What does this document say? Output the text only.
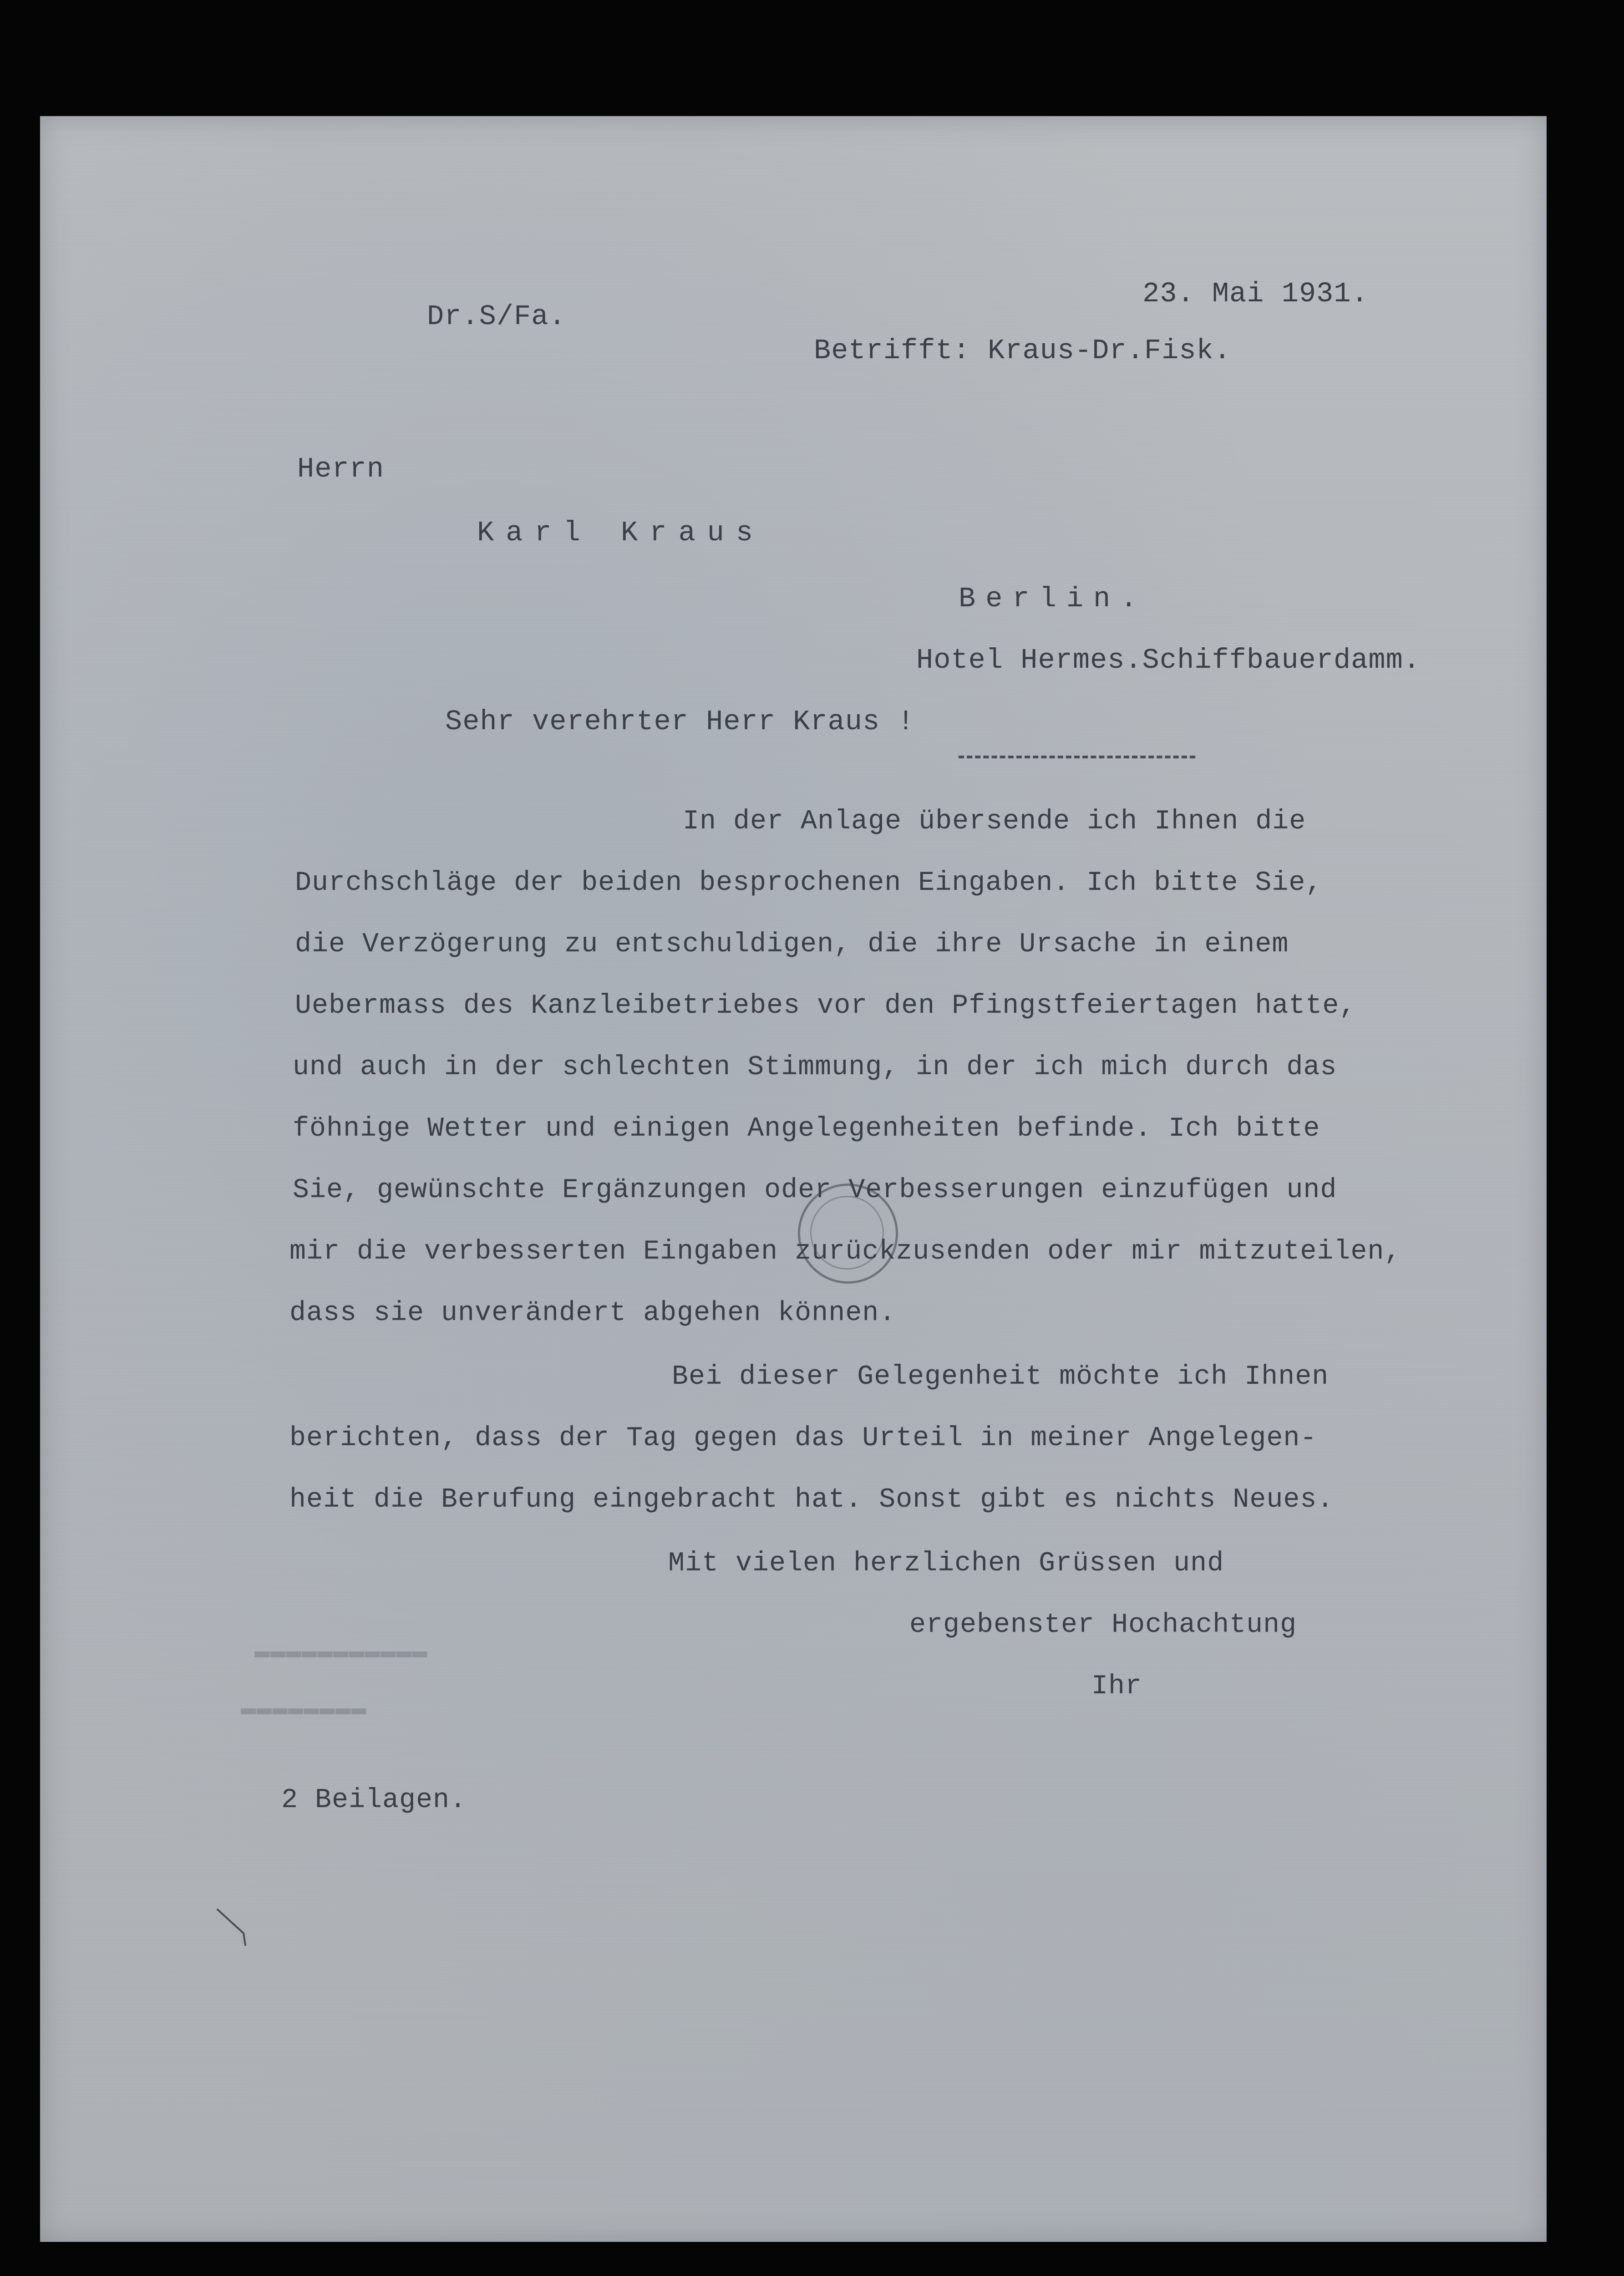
Dr.S/Fa.

23. Mai 1931.

Betrifft: Kraus-Dr.Fisk.

Herrn

Karl Kraus

Berlin.

Hotel Hermes.Schiffbauerdamm.

Sehr verehrter Herr Kraus !

In der Anlage übersende ich Ihnen die

Durchschläge der beiden besprochenen Eingaben. Ich bitte Sie,

die Verzögerung zu entschuldigen, die ihre Ursache in einem

Uebermass des Kanzleibetriebes vor den Pfingstfeiertagen hatte,

und auch in der schlechten Stimmung, in der ich mich durch das

föhnige Wetter und einigen Angelegenheiten befinde. Ich bitte

Sie, gewünschte Ergänzungen oder Verbesserungen einzufügen und

mir die verbesserten Eingaben zurückzusenden oder mir mitzuteilen,

dass sie unverändert abgehen können.

Bei dieser Gelegenheit möchte ich Ihnen

berichten, dass der Tag gegen das Urteil in meiner Angelegen-

heit die Berufung eingebracht hat. Sonst gibt es nichts Neues.

Mit vielen herzlichen Grüssen und

ergebenster Hochachtung

Ihr

▬▬▬▬▬▬▬▬▬▬▬
▬▬▬▬▬▬▬▬

2 Beilagen.
